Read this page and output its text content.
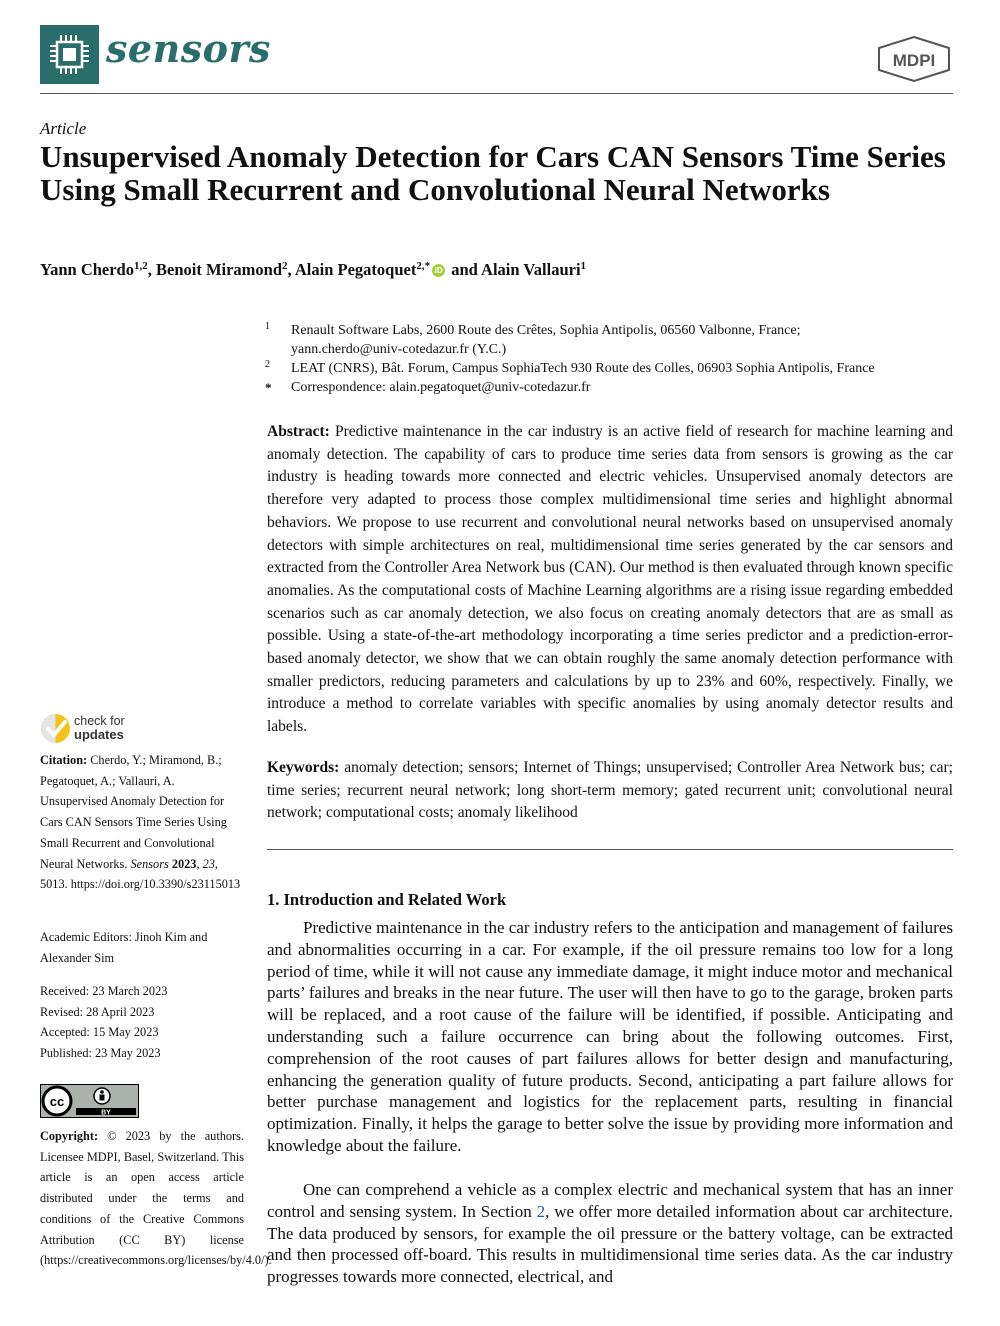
sensors	MDPI
Article
Unsupervised Anomaly Detection for Cars CAN Sensors Time Series Using Small Recurrent and Convolutional Neural Networks
Yann Cherdo$^{1,2}$, Benoit Miramond$^2$, Alain Pegatoquet$^{2,*}$ iD and Alain Vallauri$^1$
1 Renault Software Labs, 2600 Route des Crêtes, Sophia Antipolis, 06560 Valbonne, France;
yann.cherdo@univ-cotedazur.fr (Y.C.)
2 LEAT (CNRS), Bât. Forum, Campus SophiaTech 930 Route des Colles, 06903 Sophia Antipolis, France
* Correspondence: alain.pegatoquet@univ-cotedazur.fr
Abstract: Predictive maintenance in the car industry is an active field of research for machine learning and anomaly detection. The capability of cars to produce time series data from sensors is growing as the car industry is heading towards more connected and electric vehicles. Unsupervised anomaly detectors are therefore very adapted to process those complex multidimensional time series and highlight abnormal behaviors. We propose to use recurrent and convolutional neural networks based on unsupervised anomaly detectors with simple architectures on real, multidimensional time series generated by the car sensors and extracted from the Controller Area Network bus (CAN). Our method is then evaluated through known specific anomalies. As the computational costs of Machine Learning algorithms are a rising issue regarding embedded scenarios such as car anomaly detection, we also focus on creating anomaly detectors that are as small as possible. Using a state-of-the-art methodology incorporating a time series predictor and a prediction-error-based anomaly detector, we show that we can obtain roughly the same anomaly detection performance with smaller predictors, reducing parameters and calculations by up to 23% and 60%, respectively. Finally, we introduce a method to correlate variables with specific anomalies by using anomaly detector results and labels.
Keywords: anomaly detection; sensors; Internet of Things; unsupervised; Controller Area Network bus; car; time series; recurrent neural network; long short-term memory; gated recurrent unit; convolutional neural network; computational costs; anomaly likelihood
1. Introduction and Related Work
Predictive maintenance in the car industry refers to the anticipation and management of failures and abnormalities occurring in a car. For example, if the oil pressure remains too low for a long period of time, while it will not cause any immediate damage, it might induce motor and mechanical parts’ failures and breaks in the near future. The user will then have to go to the garage, broken parts will be replaced, and a root cause of the failure will be identified, if possible. Anticipating and understanding such a failure occurrence can bring about the following outcomes. First, comprehension of the root causes of part failures allows for better design and manufacturing, enhancing the generation quality of future products. Second, anticipating a part failure allows for better purchase management and logistics for the replacement parts, resulting in financial optimization. Finally, it helps the garage to better solve the issue by providing more information and knowledge about the failure.
One can comprehend a vehicle as a complex electric and mechanical system that has an inner control and sensing system. In Section 2, we offer more detailed information about car architecture. The data produced by sensors, for example the oil pressure or the battery voltage, can be extracted and then processed off-board. This results in multidimensional time series data. As the car industry progresses towards more connected, electrical, and
check for
updates
Citation: Cherdo, Y.; Miramond, B.; Pegatoquet, A.; Vallauri, A. Unsupervised Anomaly Detection for Cars CAN Sensors Time Series Using Small Recurrent and Convolutional Neural Networks. Sensors 2023, 23, 5013. https://doi.org/10.3390/s23115013
Academic Editors: Jinoh Kim and Alexander Sim
Received: 23 March 2023
Revised: 28 April 2023
Accepted: 15 May 2023
Published: 23 May 2023
cc
BY
Copyright: © 2023 by the authors. Licensee MDPI, Basel, Switzerland. This article is an open access article distributed under the terms and conditions of the Creative Commons Attribution (CC BY) license (https://creativecommons.org/licenses/by/4.0/).
